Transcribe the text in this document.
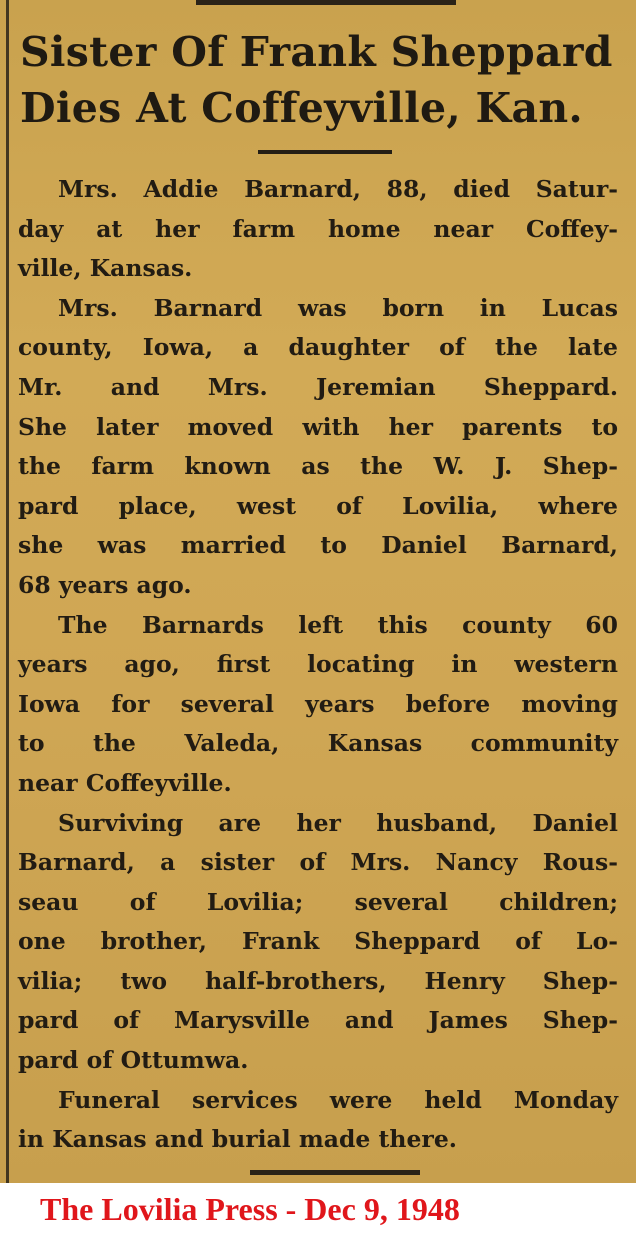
Sister Of Frank Sheppard
Dies At Coffeyville, Kan.
Mrs. Addie Barnard, 88, died Satur-
day at her farm home near Coffey-
ville, Kansas.
Mrs. Barnard was born in Lucas
county, Iowa, a daughter of the late
Mr. and Mrs. Jeremian Sheppard.
She later moved with her parents to
the farm known as the W. J. Shep-
pard place, west of Lovilia, where
she was married to Daniel Barnard,
68 years ago.
The Barnards left this county 60
years ago, first locating in western
Iowa for several years before moving
to the Valeda, Kansas community
near Coffeyville.
Surviving are her husband, Daniel
Barnard, a sister of Mrs. Nancy Rous-
seau of Lovilia; several children;
one brother, Frank Sheppard of Lo-
vilia; two half-brothers, Henry Shep-
pard of Marysville and James Shep-
pard of Ottumwa.
Funeral services were held Monday
in Kansas and burial made there.
The Lovilia Press - Dec 9, 1948
